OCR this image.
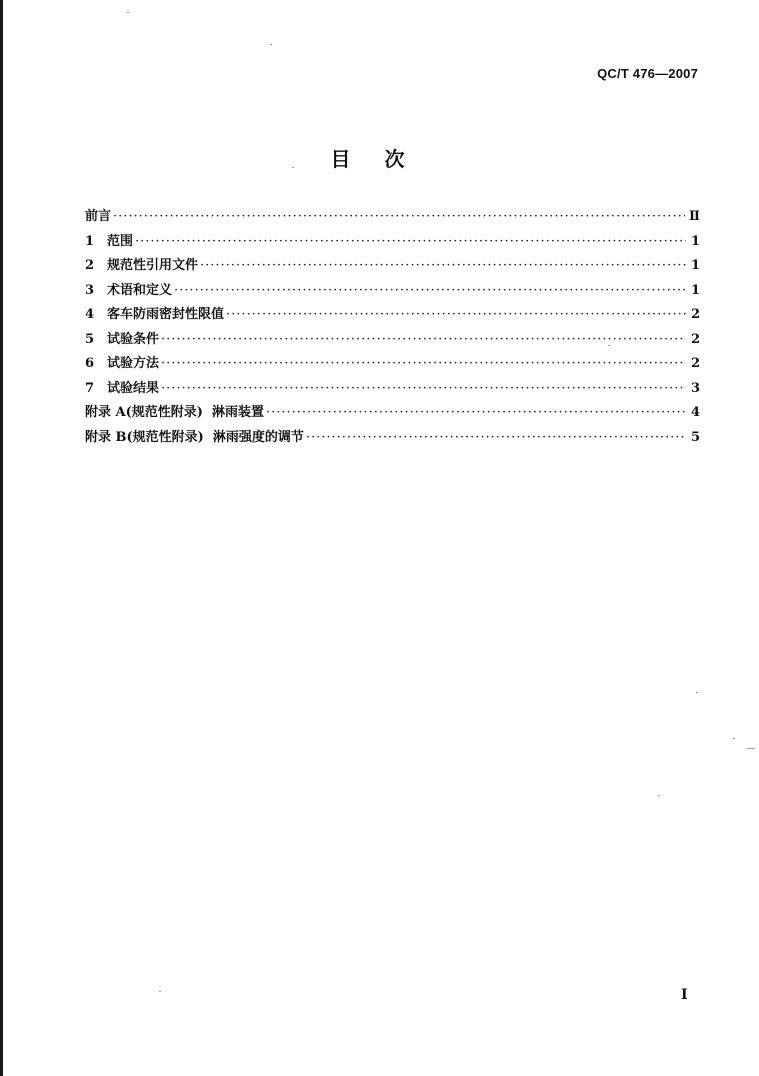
QC/T 476—2007
目次
前言 ·····	Ⅱ
1 范围 ·····	1
2 规范性引用文件 ·····	1
3 术语和定义 ·····	1
4 客车防雨密封性限值 ·····	2
5 试验条件 ·····	2
6 试验方法 ·····	2
7 试验结果 ·····	3
附录 A(规范性附录)  淋雨装置 ·····	4
附录 B(规范性附录)  淋雨强度的调节 ·····	5
I
